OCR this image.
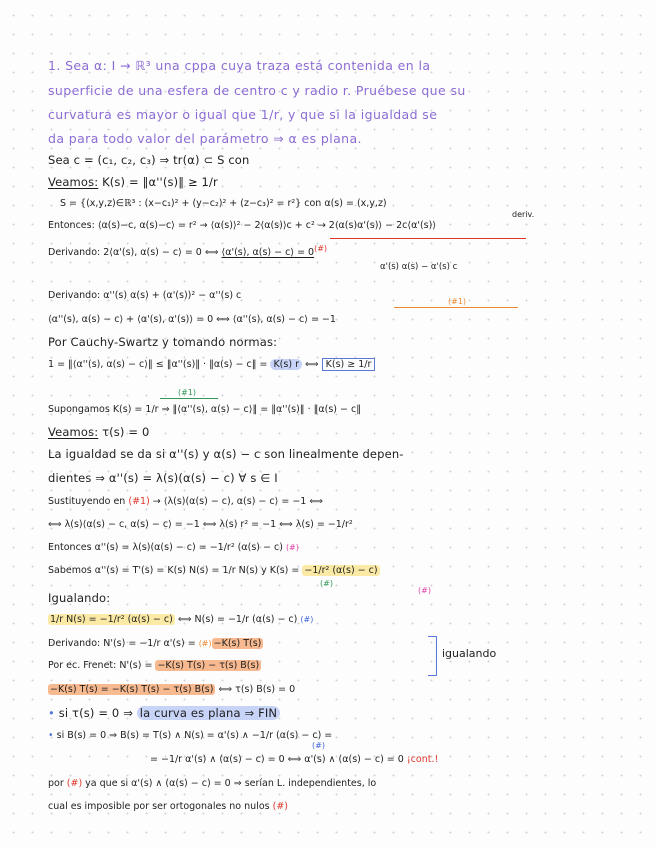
1. Sea α: I → ℝ³ una cppa cuya traza está contenida en la
superficie de una esfera de centro c y radio r. Pruébese que su
curvatura es mayor o igual que 1/r, y que si la igualdad se
da para todo valor del parámetro ⇒ α es plana.
Sea c = (c₁, c₂, c₃) ⇒ tr(α) ⊂ S con
Veamos: K(s) = ‖α''(s)‖ ≥ 1/r
S = {(x,y,z)∈ℝ³ : (x−c₁)² + (y−c₂)² + (z−c₃)² = r²} con α(s) = (x,y,z)
Entonces: ⟨α(s)−c, α(s)−c⟩ = r² → ⟨α(s)⟩² − 2⟨α(s)⟩c + c² → 2⟨α(s)α'(s)⟩ − 2c⟨α'(s)⟩
deriv.
Derivando: 2⟨α'(s), α(s) − c⟩ = 0 ⟺ ⟨α'(s), α(s) − c⟩ = 0(#)
α'(s) α(s) − α'(s) c
Derivando: α''(s) α(s) + (α'(s))² − α''(s) c
(#1)
⟨α''(s), α(s) − c⟩ + ⟨α'(s), α'(s)⟩ = 0 ⟺ ⟨α''(s), α(s) − c⟩ = −1
Por Cauchy-Swartz y tomando normas:
1 = ‖⟨α''(s), α(s) − c⟩‖ ≤ ‖α''(s)‖ · ‖α(s) − c‖ = K(s) r ⟺ K(s) ≥ 1/r
(#1)
Supongamos K(s) = 1/r ⇒ ‖⟨α''(s), α(s) − c⟩‖ = ‖α''(s)‖ · ‖α(s) − c‖
Veamos: τ(s) = 0
La igualdad se da si α''(s) y α(s) − c son linealmente depen-
dientes ⇒ α''(s) = λ(s)(α(s) − c) ∀ s ∈ I
Sustituyendo en (#1) → ⟨λ(s)(α(s) − c), α(s) − c⟩ = −1 ⟺
⟺ λ(s)⟨α(s) − c, α(s) − c⟩ = −1 ⟺ λ(s) r² = −1 ⟺ λ(s) = −1/r²
Entonces α''(s) = λ(s)(α(s) − c) = −1/r² (α(s) − c) (#)
Sabemos α''(s) = T'(s) = K(s) N(s) = 1/r N(s) y K(s) = −1/r² (α(s) − c)
(#)
(#)
Igualando:
1/r N(s) = −1/r² (α(s) − c) ⟺ N(s) = −1/r (α(s) − c) (#)
Derivando: N'(s) = −1/r α'(s) = (#) −K(s) T(s)
Por ec. Frenet: N'(s) = −K(s) T(s) − τ(s) B(s)
igualando
−K(s) T(s) = −K(s) T(s) − τ(s) B(s) ⟺ τ(s) B(s) = 0
• si τ(s) = 0 ⇒ la curva es plana ⇒ FIN
• si B(s) = 0 ⇒ B(s) = T(s) ∧ N(s) = α'(s) ∧ −1/r (α(s) − c) =
(#)
= −1/r α'(s) ∧ (α(s) − c) = 0 ⟺ α'(s) ∧ (α(s) − c) = 0 ¡cont.!
por (#) ya que si α'(s) ∧ (α(s) − c) = 0 ⇒ serían L. independientes, lo
cual es imposible por ser ortogonales no nulos (#)
